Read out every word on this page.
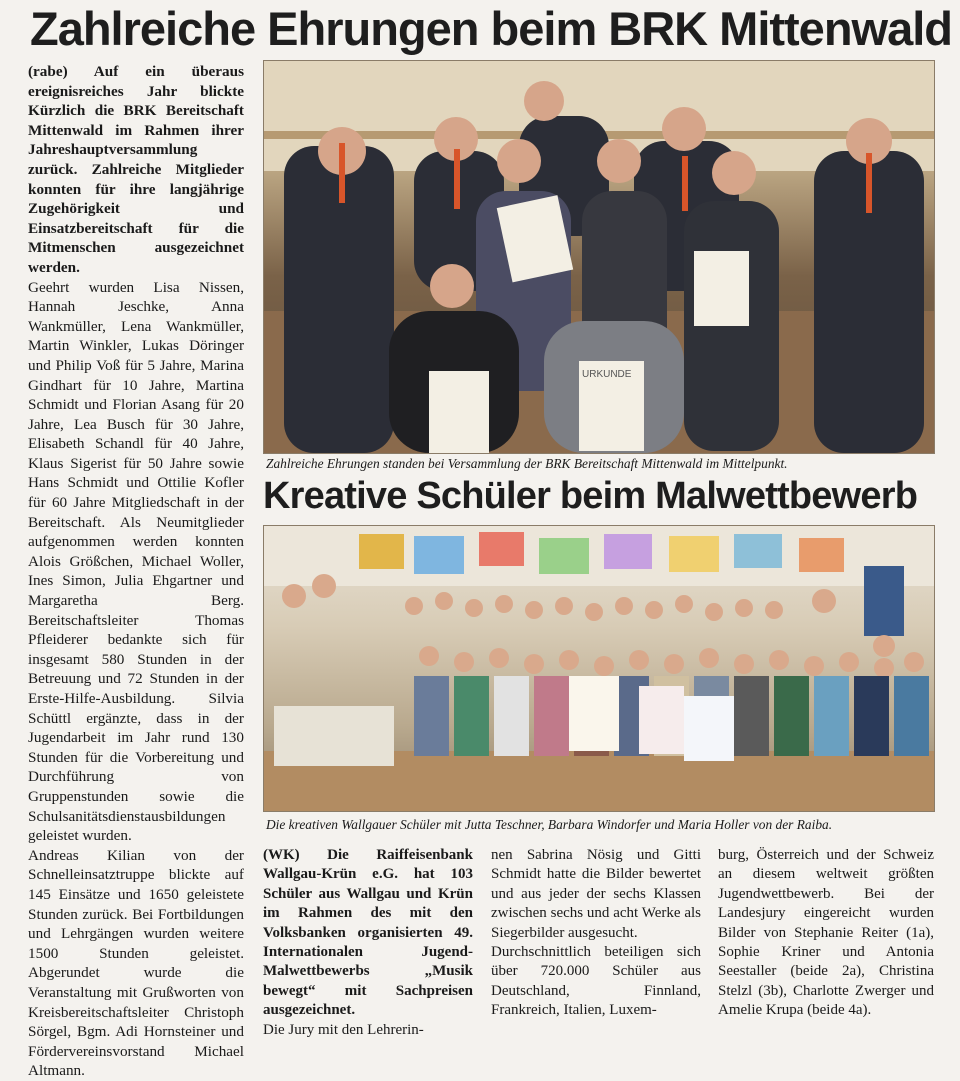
Zahlreiche Ehrungen beim BRK Mittenwald

(rabe) Auf ein überaus ereignisreiches Jahr blickte Kürzlich die BRK Bereitschaft Mittenwald im Rahmen ihrer Jahreshauptversammlung zurück. Zahlreiche Mitglieder konnten für ihre langjährige Zugehörigkeit und Einsatzbereitschaft für die Mitmenschen ausgezeichnet werden.

Geehrt wurden Lisa Nissen, Hannah Jeschke, Anna Wankmüller, Lena Wankmüller, Martin Winkler, Lukas Döringer und Philip Voß für 5 Jahre, Marina Gindhart für 10 Jahre, Martina Schmidt und Florian Asang für 20 Jahre, Lea Busch für 30 Jahre, Elisabeth Schandl für 40 Jahre, Klaus Sigerist für 50 Jahre sowie Hans Schmidt und Ottilie Kofler für 60 Jahre Mitgliedschaft in der Bereitschaft. Als Neumitglieder aufgenommen werden konnten Alois Größchen, Michael Woller, Ines Simon, Julia Ehgartner und Margaretha Berg. Bereitschaftsleiter Thomas Pfleiderer bedankte sich für insgesamt 580 Stunden in der Betreuung und 72 Stunden in der Erste-Hilfe-Ausbildung. Silvia Schüttl ergänzte, dass in der Jugendarbeit im Jahr rund 130 Stunden für die Vorbereitung und Durchführung von Gruppenstunden sowie die Schulsanitätsdienstausbildungen geleistet wurden.

Andreas Kilian von der Schnelleinsatztruppe blickte auf 145 Einsätze und 1650 geleistete Stunden zurück. Bei Fortbildungen und Lehrgängen wurden weitere 1500 Stunden geleistet. Abgerundet wurde die Veranstaltung mit Grußworten von Kreisbereitschaftsleiter Christoph Sörgel, Bgm. Adi Hornsteiner und Fördervereinsvorstand Michael Altmann.

URKUNDE
Zahlreiche Ehrungen standen bei Versammlung der BRK Bereitschaft Mittenwald im Mittelpunkt.
Kreative Schüler beim Malwettbewerb
Die kreativen Wallgauer Schüler mit Jutta Teschner, Barbara Windorfer und Maria Holler von der Raiba.

(WK) Die Raiffeisenbank Wallgau-Krün e.G. hat 103 Schüler aus Wallgau und Krün im Rahmen des mit den Volksbanken organisierten 49. Internationalen Jugend-Malwettbewerbs „Musik bewegt“ mit Sachpreisen ausgezeichnet.

Die Jury mit den Lehrerin-

nen Sabrina Nösig und Gitti Schmidt hatte die Bilder bewertet und aus jeder der sechs Klassen zwischen sechs und acht Werke als Siegerbilder ausgesucht.

Durchschnittlich beteiligen sich über 720.000 Schüler aus Deutschland, Finnland, Frankreich, Italien, Luxem-

burg, Österreich und der Schweiz an diesem weltweit größten Jugendwettbewerb. Bei der Landesjury eingereicht wurden Bilder von Stephanie Reiter (1a), Sophie Kriner und Antonia Seestaller (beide 2a), Christina Stelzl (3b), Charlotte Zwerger und Amelie Krupa (beide 4a).
